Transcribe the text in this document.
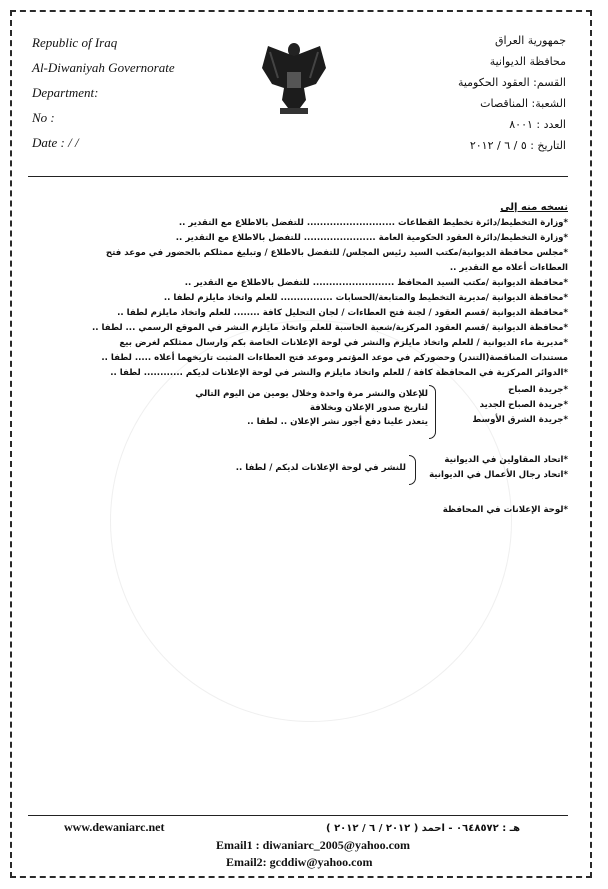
Republic of Iraq
Al-Diwaniyah Governorate
Department:
No :
Date : / /
جمهورية العراق
محافظة الديوانية
القسم: العقود الحكومية
الشعبة: المناقصات
العدد : ٨٠٠١
التاريخ : ٥ / ٦ / ٢٠١٢
نسخه منه إلى
*وزارة التخطيط/دائرة تخطيط القطاعات ........................... للتفضل بالاطلاع مع التقدير ..
*وزارة التخطيط/دائرة العقود الحكومية العامة ...................... للتفضل بالاطلاع مع التقدير ..
*مجلس محافظة الديوانية/مكتب السيد رئيس المجلس/ للتفضل بالاطلاع / وتبليغ ممثلكم بالحضور في موعد فتح
العطاءات أعلاه مع التقدير ..
*محافظة الديوانية /مكتب السيد المحافظ ......................... للتفضل بالاطلاع مع التقدير ..
*محافظة الديوانية /مديرية التخطيط والمتابعة/الحسابات ................ للعلم واتخاذ مايلزم لطفا ..
*محافظة الديوانية /قسم العقود / لجنة فتح العطاءات / لجان التحليل كافة ........ للعلم واتخاذ مايلزم لطفا ..
*محافظة الديوانية /قسم العقود المركزية/شعبة الحاسبة للعلم واتخاذ مايلزم النشر في الموقع الرسمي ... لطفا ..
*مديرية ماء الديوانية / للعلم واتخاذ مايلزم والنشر في لوحة الإعلانات الخاصة بكم وارسال ممثلكم لغرض بيع
مستندات المناقصة(التندر) وحضوركم في موعد المؤتمر وموعد فتح العطاءات المثبت تاريخهما أعلاه ..... لطفا ..
*الدوائر المركزية في المحافظة كافة / للعلم واتخاذ مايلزم والنشر في لوحة الإعلانات لديكم ............ لطفا ..
*جريدة الصباح
*جريدة الصباح الجديد
*جريدة الشرق الأوسط
للإعلان والنشر مرة واحدة وخلال يومين من اليوم التالي لتاريخ صدور الإعلان وبخلافة
يتعذر علينا دفع أجور نشر الإعلان .. لطفا ..
*اتحاد المقاولين في الديوانية
*اتحاد رجال الأعمال في الديوانية
للنشر في لوحة الإعلانات لديكم / لطفا ..
*لوحة الإعلانات في المحافظة
www.dewaniarc.net	هـ : ٠٦٤٨٥٧٢ - احمد ( ٢٠١٢ / ٦ / ٢٠١٢ )
Email1 : diwaniarc_2005@yahoo.com
Email2: gcddiw@yahoo.com
